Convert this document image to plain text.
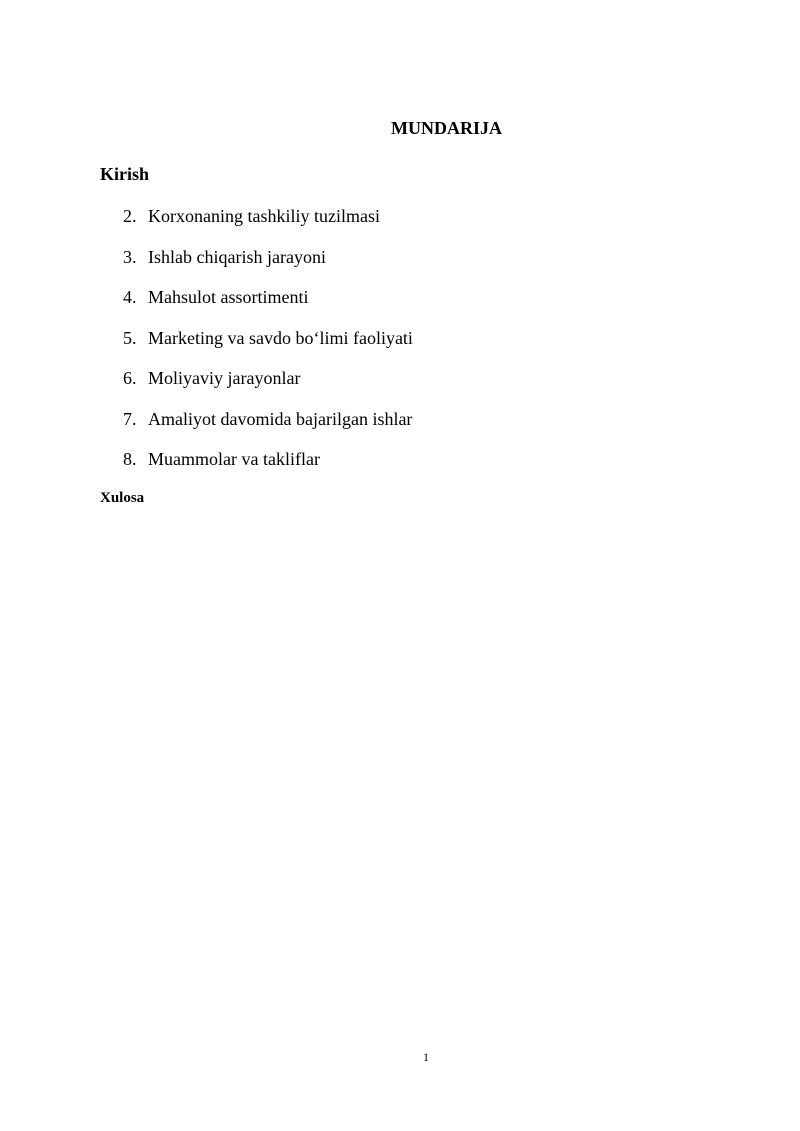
MUNDARIJA
Kirish
2. Korxonaning tashkiliy tuzilmasi
3. Ishlab chiqarish jarayoni
4. Mahsulot assortimenti
5. Marketing va savdo bo‘limi faoliyati
6. Moliyaviy jarayonlar
7. Amaliyot davomida bajarilgan ishlar
8. Muammolar va takliflar
Xulosa
1
